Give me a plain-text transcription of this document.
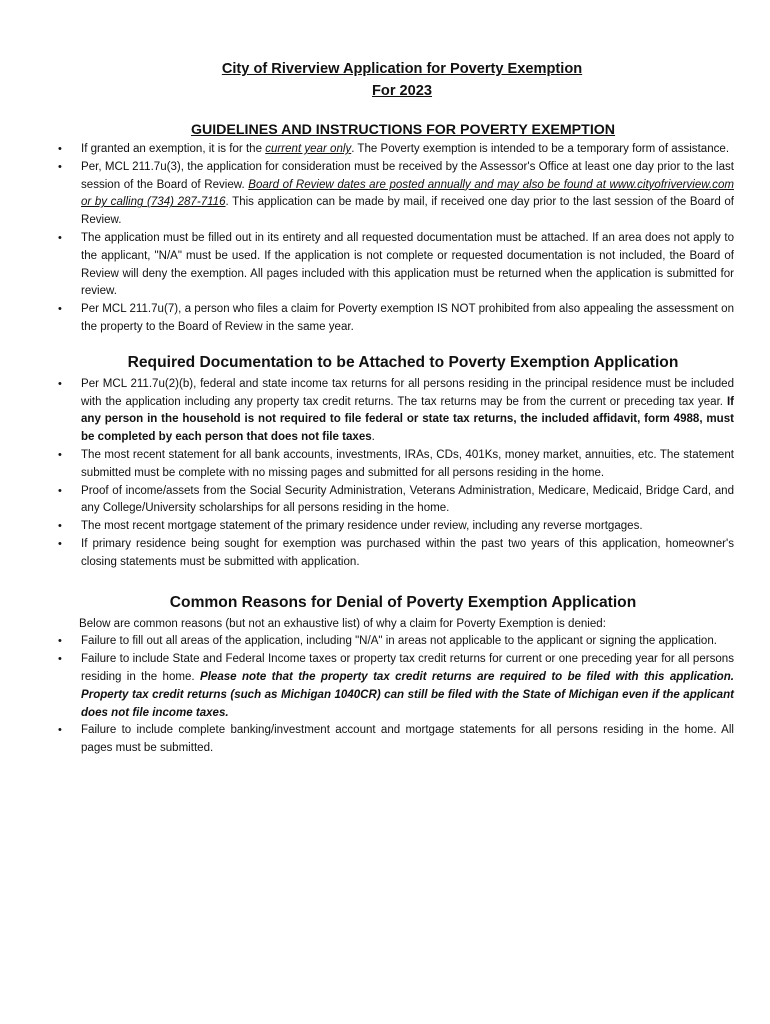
City of Riverview Application for Poverty Exemption
For 2023
GUIDELINES AND INSTRUCTIONS FOR POVERTY EXEMPTION
• If granted an exemption, it is for the current year only. The Poverty exemption is intended to be a temporary form of assistance.
• Per, MCL 211.7u(3), the application for consideration must be received by the Assessor's Office at least one day prior to the last session of the Board of Review. Board of Review dates are posted annually and may also be found at www.cityofriverview.com or by calling (734) 287-7116. This application can be made by mail, if received one day prior to the last session of the Board of Review.
• The application must be filled out in its entirety and all requested documentation must be attached. If an area does not apply to the applicant, "N/A" must be used. If the application is not complete or requested documentation is not included, the Board of Review will deny the exemption. All pages included with this application must be returned when the application is submitted for review.
• Per MCL 211.7u(7), a person who files a claim for Poverty exemption IS NOT prohibited from also appealing the assessment on the property to the Board of Review in the same year.
Required Documentation to be Attached to Poverty Exemption Application
• Per MCL 211.7u(2)(b), federal and state income tax returns for all persons residing in the principal residence must be included with the application including any property tax credit returns. The tax returns may be from the current or preceding tax year. If any person in the household is not required to file federal or state tax returns, the included affidavit, form 4988, must be completed by each person that does not file taxes.
• The most recent statement for all bank accounts, investments, IRAs, CDs, 401Ks, money market, annuities, etc. The statement submitted must be complete with no missing pages and submitted for all persons residing in the home.
• Proof of income/assets from the Social Security Administration, Veterans Administration, Medicare, Medicaid, Bridge Card, and any College/University scholarships for all persons residing in the home.
• The most recent mortgage statement of the primary residence under review, including any reverse mortgages.
• If primary residence being sought for exemption was purchased within the past two years of this application, homeowner's closing statements must be submitted with application.
Common Reasons for Denial of Poverty Exemption Application
Below are common reasons (but not an exhaustive list) of why a claim for Poverty Exemption is denied:
• Failure to fill out all areas of the application, including "N/A" in areas not applicable to the applicant or signing the application.
• Failure to include State and Federal Income taxes or property tax credit returns for current or one preceding year for all persons residing in the home. Please note that the property tax credit returns are required to be filed with this application. Property tax credit returns (such as Michigan 1040CR) can still be filed with the State of Michigan even if the applicant does not file income taxes.
• Failure to include complete banking/investment account and mortgage statements for all persons residing in the home. All pages must be submitted.
